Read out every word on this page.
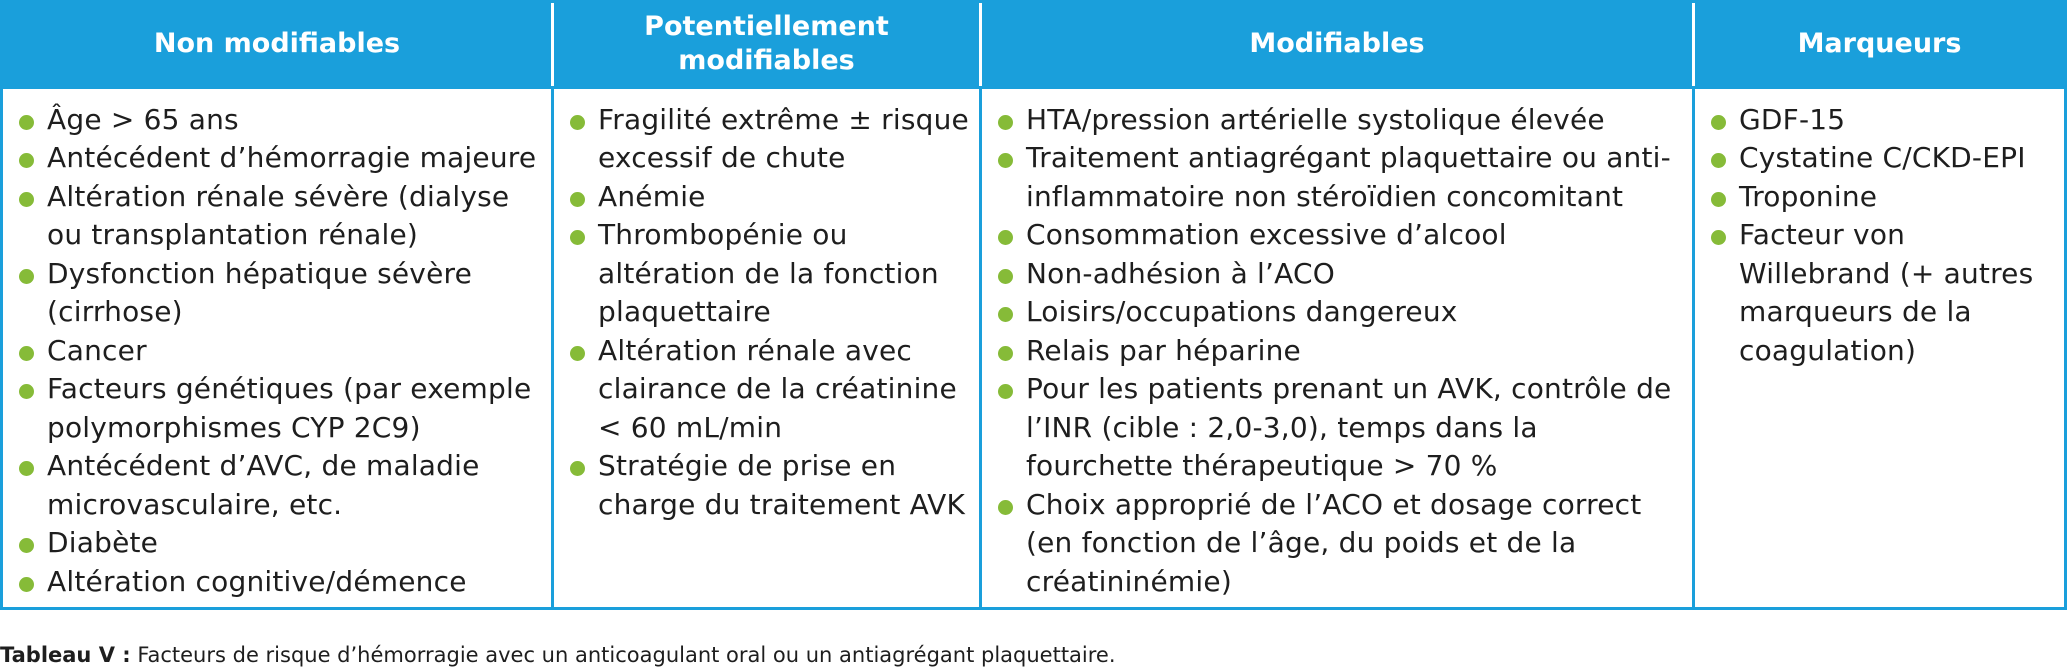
Non modifiables
Potentiellement modifiables
Modifiables	Marqueurs
Âge > 65 ans
Antécédent d’hémorragie majeure
Altération rénale sévère (dialyse ou transplantation rénale)
Dysfonction hépatique sévère (cirrhose)
Cancer
Facteurs génétiques (par exemple polymorphismes CYP 2C9)
Antécédent d’AVC, de maladie microvasculaire, etc.
Diabète
Altération cognitive/démence
Fragilité extrême ± risque excessif de chute
Anémie
Thrombopénie ou altération de la fonction plaquettaire
Altération rénale avec clairance de la créatinine < 60 mL/min
Stratégie de prise en charge du traitement AVK
HTA/pression artérielle systolique élevée
Traitement antiagrégant plaquettaire ou anti-inflammatoire non stéroïdien concomitant
Consommation excessive d’alcool
Non-adhésion à l’ACO
Loisirs/occupations dangereux
Relais par héparine
Pour les patients prenant un AVK, contrôle de l’INR (cible : 2,0-3,0), temps dans la fourchette thérapeutique > 70 %
Choix approprié de l’ACO et dosage correct (en fonction de l’âge, du poids et de la créatininémie)
GDF-15
Cystatine C/CKD-EPI
Troponine
Facteur von Willebrand (+ autres marqueurs de la coagulation)
Tableau V : Facteurs de risque d’hémorragie avec un anticoagulant oral ou un antiagrégant plaquettaire.
